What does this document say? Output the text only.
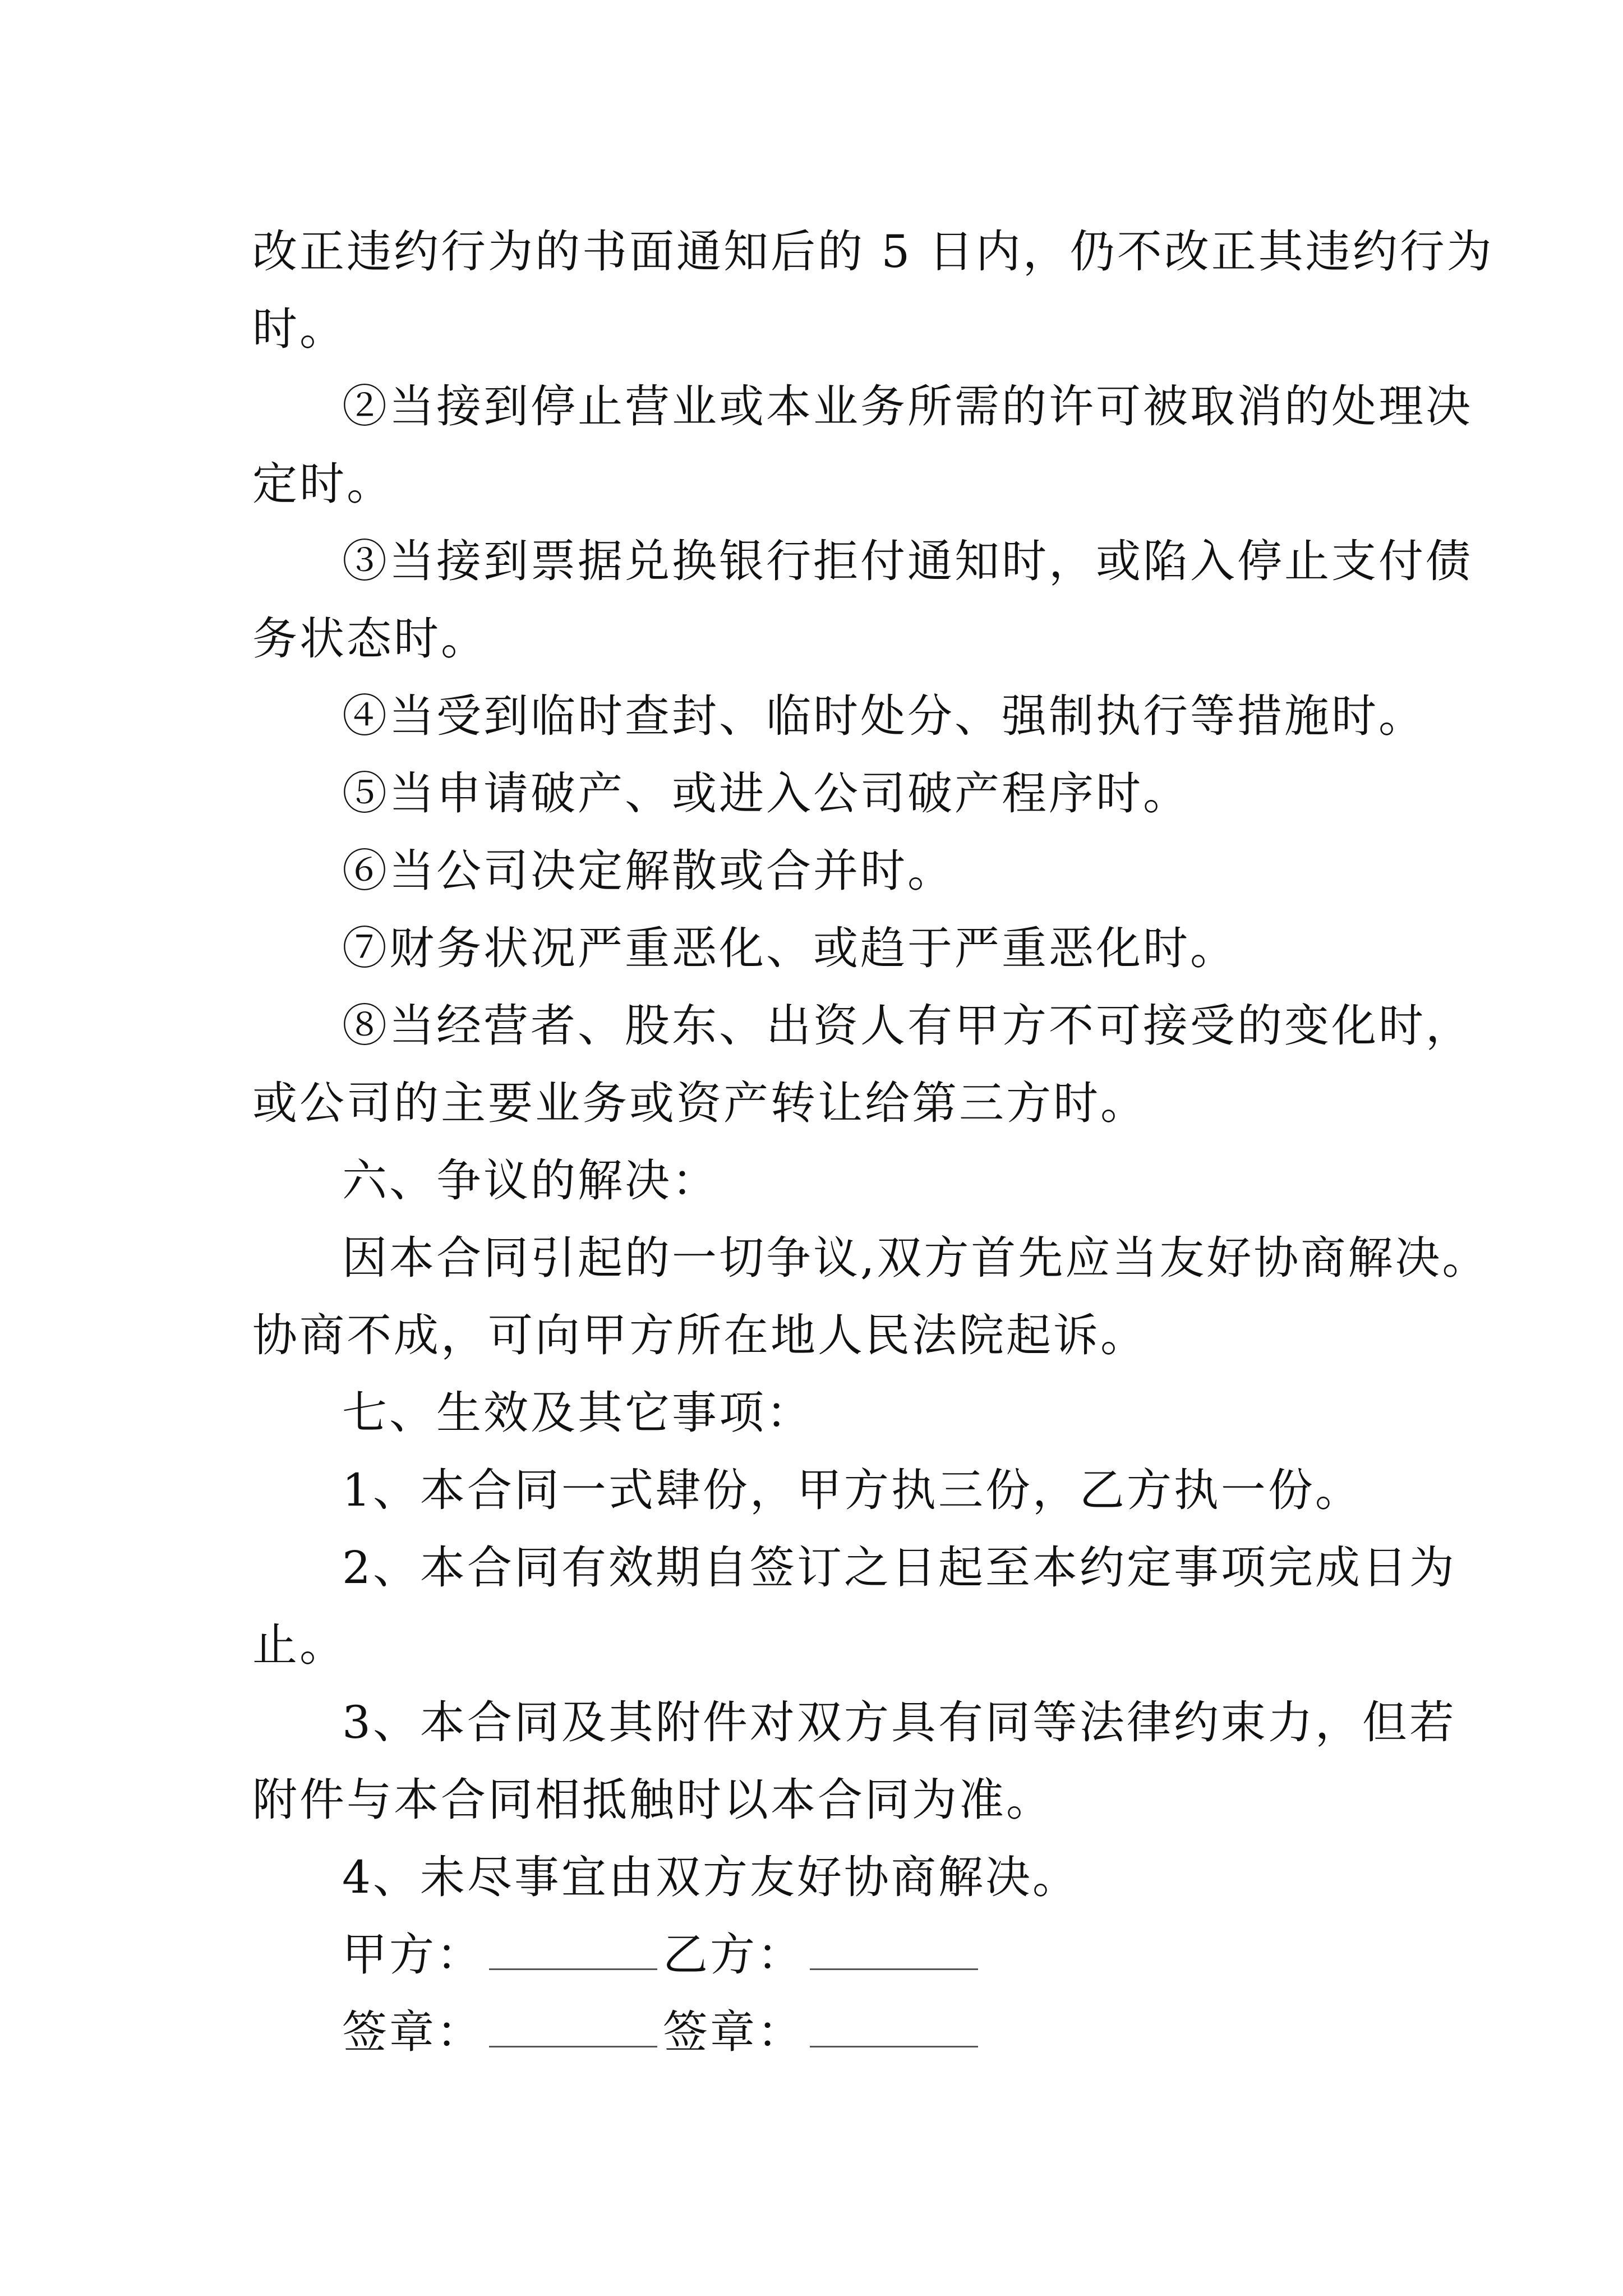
改正违约行为的书面通知后的 5 日内，仍不改正其违约行为
时。
②当接到停止营业或本业务所需的许可被取消的处理决
定时。
③当接到票据兑换银行拒付通知时，或陷入停止支付债
务状态时。
④当受到临时查封、临时处分、强制执行等措施时。
⑤当申请破产、或进入公司破产程序时。
⑥当公司决定解散或合并时。
⑦财务状况严重恶化、或趋于严重恶化时。
⑧当经营者、股东、出资人有甲方不可接受的变化时，
或公司的主要业务或资产转让给第三方时。
六、争议的解决：
因本合同引起的一切争议,双方首先应当友好协商解决。
协商不成，可向甲方所在地人民法院起诉。
七、生效及其它事项：
1、本合同一式肆份，甲方执三份，乙方执一份。
2、本合同有效期自签订之日起至本约定事项完成日为
止。
3、本合同及其附件对双方具有同等法律约束力，但若
附件与本合同相抵触时以本合同为准。
4、未尽事宜由双方友好协商解决。
甲方：	乙方：
签章：	签章：
